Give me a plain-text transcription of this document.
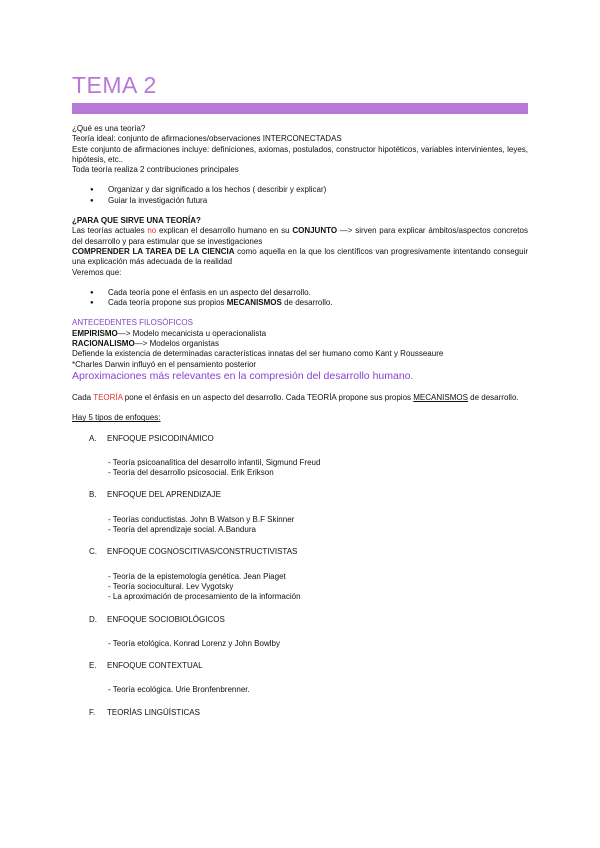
TEMA 2

¿Qué es una teoría?

Teoría ideal: conjunto de afirmaciones/observaciones INTERCONECTADAS

Este conjunto de afirmaciones incluye: definiciones, axiomas, postulados, constructor hipotéticos, variables intervinientes, leyes, hipótesis, etc..

Toda teoría realiza 2 contribuciones principales

● Organizar y dar significado a los hechos ( describir y explicar)
● Guiar la investigación futura

¿PARA QUE SIRVE UNA TEORÍA?

Las teorías actuales no explican el desarrollo humano en su CONJUNTO —> sirven para explicar ámbitos/aspectos concretos del desarrollo y para estimular que se investigaciones

COMPRENDER LA TAREA DE LA CIENCIA como aquella en la que los científicos van progresivamente intentando conseguir una explicación más adecuada de la realidad

Veremos que:

● Cada teoría pone el énfasis en un aspecto del desarrollo.
● Cada teoría propone sus propios MECANISMOS de desarrollo.

ANTECEDENTES FILOSÓFICOS

EMPIRISMO—> Modelo mecanicista u operacionalista

RACIONALISMO—> Modelos organistas

Defiende la existencia de determinadas características innatas del ser humano como Kant y Rousseaure

*Charles Darwin influyó en el pensamiento posterior

Aproximaciones más relevantes en la compresión del desarrollo humano.

Cada TEORÍA pone el énfasis en un aspecto del desarrollo. Cada TEORÍA propone sus propios MECANISMOS de desarrollo.

Hay 5 tipos de enfoques:

A.	ENFOQUE PSICODINÁMICO

- Teoría psicoanalítica del desarrollo infantil, Sigmund Freud

- Teoría del desarrollo psicosocial. Erik Erikson

B.	ENFOQUE DEL APRENDIZAJE

- Teorías conductistas. John B Watson y B.F Skinner

- Teoría del aprendizaje social. A.Bandura

C.	ENFOQUE COGNOSCITIVAS/CONSTRUCTIVISTAS

- Teoría de la epistemología genética. Jean Piaget

- Teoría sociocultural. Lev Vygotsky

- La aproximación de procesamiento de la información

D.	ENFOQUE SOCIOBIOLÓGICOS

- Teoría etológica. Konrad Lorenz y John Bowlby

E.	ENFOQUE CONTEXTUAL

- Teoría ecológica. Urie Bronfenbrenner.

F.	TEORÍAS LINGÜÍSTICAS
